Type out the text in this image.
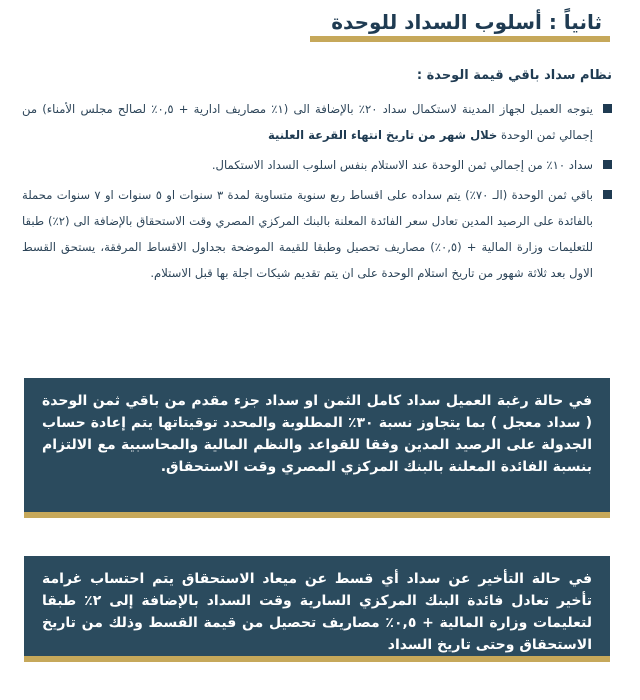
ثانياً : أسلوب السداد للوحدة
نظام سداد باقي قيمة الوحدة :
يتوجه العميل لجهاز المدينة لاستكمال سداد ٢٠٪ بالإضافة الى (١٪ مصاريف ادارية + ٠,٥٪ لصالح مجلس الأمناء) من إجمالي ثمن الوحدة خلال شهر من تاريخ انتهاء القرعة العلنية
سداد ١٠٪ من إجمالي ثمن الوحدة عند الاستلام بنفس اسلوب السداد الاستكمال.
باقي ثمن الوحدة (الـ ٧٠٪) يتم سداده على اقساط ربع سنوية متساوية لمدة ٣ سنوات او ٥ سنوات او ٧ سنوات محملة بالفائدة على الرصيد المدين تعادل سعر الفائدة المعلنة بالبنك المركزي المصري وقت الاستحقاق بالإضافة الى (٢٪) طبقا للتعليمات وزارة المالية + (٠,٥٪) مصاريف تحصيل وطبقا للقيمة الموضحة بجداول الاقساط المرفقة، يستحق القسط الاول بعد ثلاثة شهور من تاريخ استلام الوحدة على ان يتم تقديم شيكات اجلة بها قبل الاستلام.
في حالة رغبة العميل سداد كامل الثمن او سداد جزء مقدم من باقي ثمن الوحدة ( سداد معجل ) بما يتجاوز نسبة ٣٠٪ المطلوبة والمحدد توقيتاتها يتم إعادة حساب الجدولة على الرصيد المدين وفقا للقواعد والنظم المالية والمحاسبية مع الالتزام بنسبة الفائدة المعلنة بالبنك المركزي المصري وقت الاستحقاق.
في حالة التأخير عن سداد أي قسط عن ميعاد الاستحقاق يتم احتساب غرامة تأخير تعادل فائدة البنك المركزي السارية وقت السداد بالإضافة إلى ٢٪ طبقا لتعليمات وزارة المالية + ٠,٥٪ مصاريف تحصيل من قيمة القسط وذلك من تاريخ الاستحقاق وحتى تاريخ السداد
